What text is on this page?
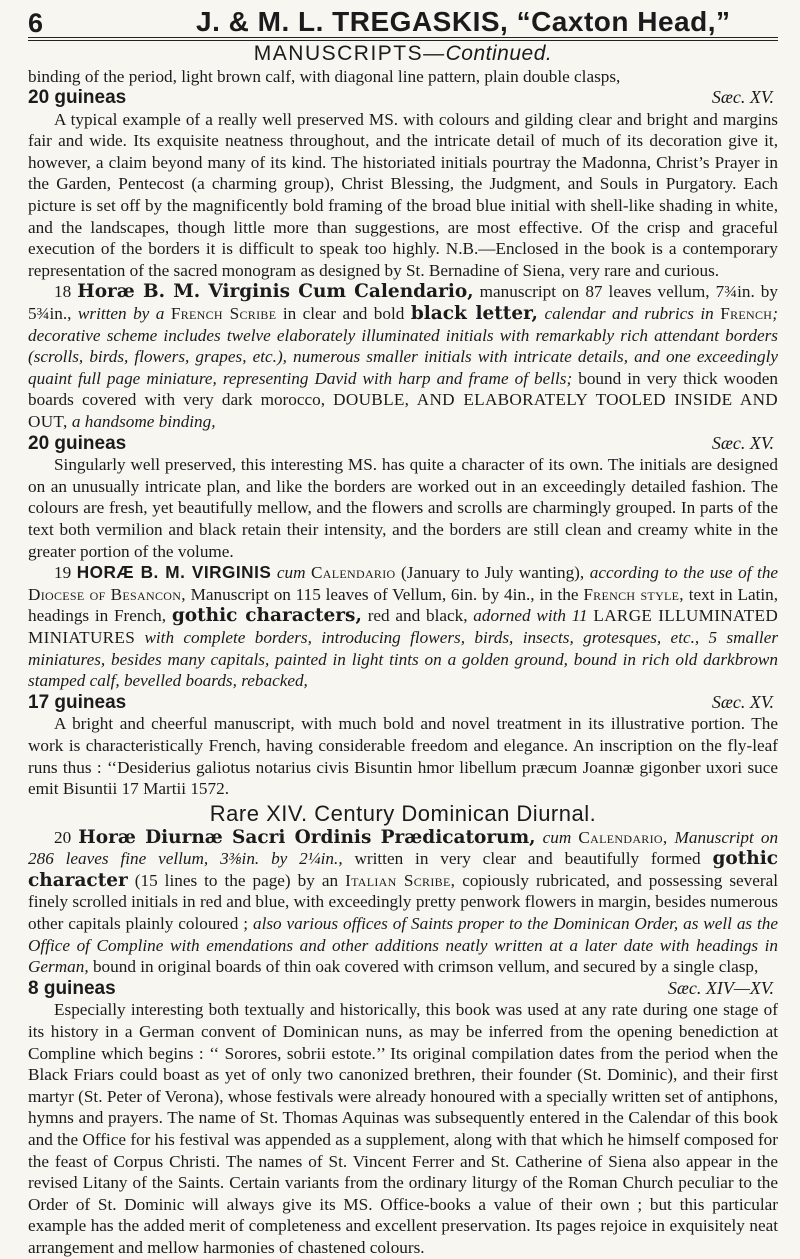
6	J. & M. L. TREGASKIS, “Caxton Head,”
MANUSCRIPTS—Continued.

binding of the period, light brown calf, with diagonal line pattern, plain double clasps,

20 guineas	Sæc. XV.

A typical example of a really well preserved MS. with colours and gilding clear and bright and margins fair and wide. Its exquisite neatness throughout, and the intricate detail of much of its decoration give it, however, a claim beyond many of its kind. The historiated initials pourtray the Madonna, Christ’s Prayer in the Garden, Pentecost (a charming group), Christ Blessing, the Judgment, and Souls in Purgatory. Each picture is set off by the magnificently bold framing of the broad blue initial with shell-like shading in white, and the landscapes, though little more than suggestions, are most effective. Of the crisp and graceful execution of the borders it is difficult to speak too highly. N.B.—Enclosed in the book is a contemporary representation of the sacred monogram as designed by St. Bernadine of Siena, very rare and curious.

18 Horæ B. M. Virginis Cum Calendario, manuscript on 87 leaves vellum, 7¾in. by 5¾in., written by a French Scribe in clear and bold black letter, calendar and rubrics in French; decorative scheme includes twelve elaborately illuminated initials with remarkably rich attendant borders (scrolls, birds, flowers, grapes, etc.), numerous smaller initials with intricate details, and one exceedingly quaint full page miniature, representing David with harp and frame of bells; bound in very thick wooden boards covered with very dark morocco, DOUBLE, AND ELABORATELY TOOLED INSIDE AND OUT, a handsome binding,

20 guineas	Sæc. XV.

Singularly well preserved, this interesting MS. has quite a character of its own. The initials are designed on an unusually intricate plan, and like the borders are worked out in an exceedingly detailed fashion. The colours are fresh, yet beautifully mellow, and the flowers and scrolls are charmingly grouped. In parts of the text both vermilion and black retain their intensity, and the borders are still clean and creamy white in the greater portion of the volume.

19 HORÆ B. M. VIRGINIS cum Calendario (January to July wanting), according to the use of the Diocese of Besancon, Manuscript on 115 leaves of Vellum, 6in. by 4in., in the French style, text in Latin, headings in French, gothic characters, red and black, adorned with 11 LARGE ILLUMINATED MINIATURES with complete borders, introducing flowers, birds, insects, grotesques, etc., 5 smaller miniatures, besides many capitals, painted in light tints on a golden ground, bound in rich old darkbrown stamped calf, bevelled boards, rebacked,

17 guineas	Sæc. XV.

A bright and cheerful manuscript, with much bold and novel treatment in its illustrative portion. The work is characteristically French, having considerable freedom and elegance. An inscription on the fly-leaf runs thus : ‘‘Desiderius galiotus notarius civis Bisuntin hmor libellum præcum Joannæ gigonber uxori suce emit Bisuntii 17 Martii 1572.

Rare XIV. Century Dominican Diurnal.

20 Horæ Diurnæ Sacri Ordinis Prædicatorum, cum Calendario, Manuscript on 286 leaves fine vellum, 3⅜in. by 2¼in., written in very clear and beautifully formed gothic character (15 lines to the page) by an Italian Scribe, copiously rubricated, and possessing several finely scrolled initials in red and blue, with exceedingly pretty penwork flowers in margin, besides numerous other capitals plainly coloured ; also various offices of Saints proper to the Dominican Order, as well as the Office of Compline with emendations and other additions neatly written at a later date with headings in German, bound in original boards of thin oak covered with crimson vellum, and secured by a single clasp,

8 guineas	Sæc. XIV—XV.

Especially interesting both textually and historically, this book was used at any rate during one stage of its history in a German convent of Dominican nuns, as may be inferred from the opening benediction at Compline which begins : ‘‘ Sorores, sobrii estote.’’ Its original compilation dates from the period when the Black Friars could boast as yet of only two canonized brethren, their founder (St. Dominic), and their first martyr (St. Peter of Verona), whose festivals were already honoured with a specially written set of antiphons, hymns and prayers. The name of St. Thomas Aquinas was subsequently entered in the Calendar of this book and the Office for his festival was appended as a supplement, along with that which he himself composed for the feast of Corpus Christi. The names of St. Vincent Ferrer and St. Catherine of Siena also appear in the revised Litany of the Saints. Certain variants from the ordinary liturgy of the Roman Church peculiar to the Order of St. Dominic will always give its MS. Office-books a value of their own ; but this particular example has the added merit of completeness and excellent preservation. Its pages rejoice in exquisitely neat arrangement and mellow harmonies of chastened colours.
